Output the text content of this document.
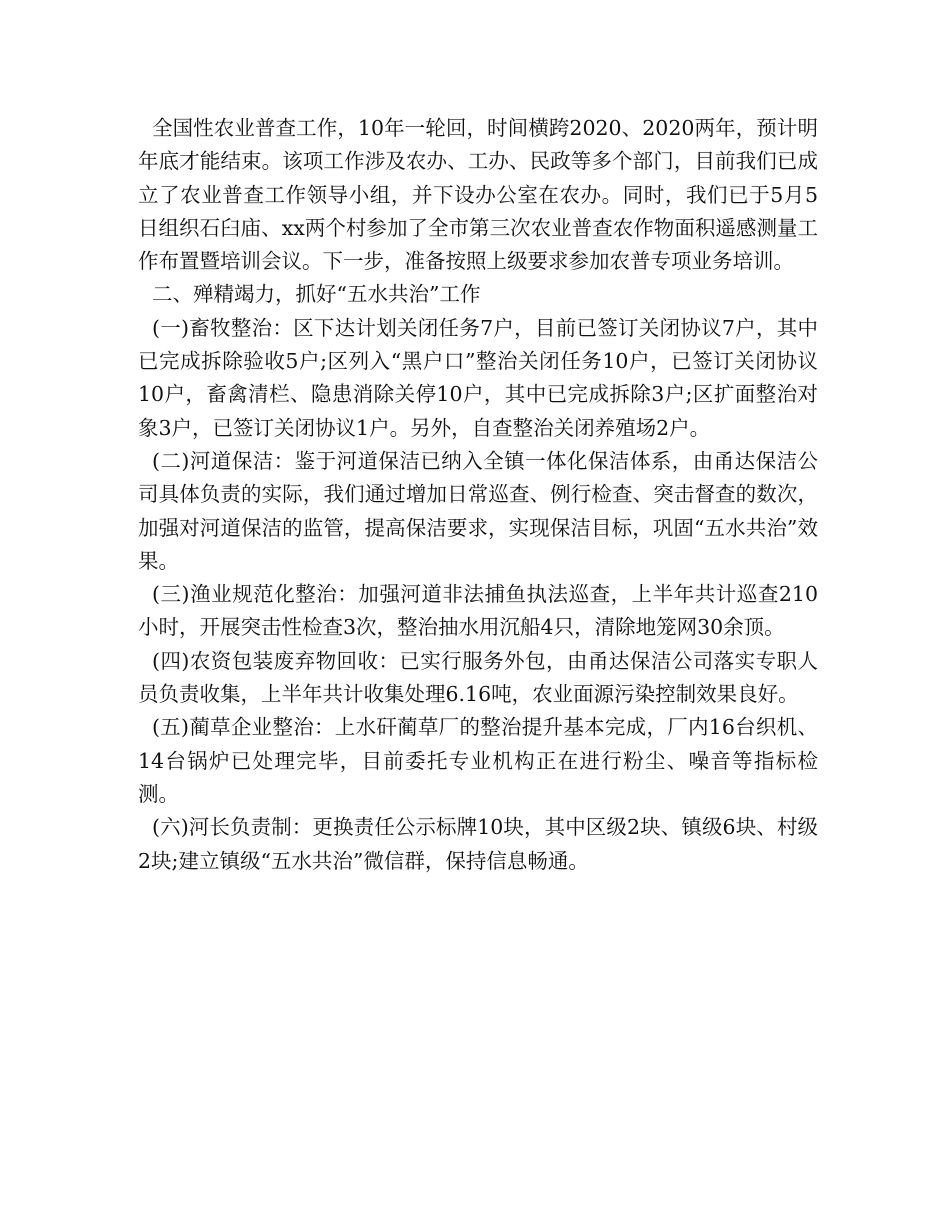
全国性农业普查工作，10年一轮回，时间横跨2020、2020两年，预计明年底才能结束。该项工作涉及农办、工办、民政等多个部门，目前我们已成立了农业普查工作领导小组，并下设办公室在农办。同时，我们已于5月5日组织石臼庙、xx两个村参加了全市第三次农业普查农作物面积遥感测量工作布置暨培训会议。下一步，准备按照上级要求参加农普专项业务培训。

二、殚精竭力，抓好“五水共治”工作

(一)畜牧整治：区下达计划关闭任务7户，目前已签订关闭协议7户，其中已完成拆除验收5户;区列入“黑户口”整治关闭任务10户，已签订关闭协议10户，畜禽清栏、隐患消除关停10户，其中已完成拆除3户;区扩面整治对象3户，已签订关闭协议1户。另外，自查整治关闭养殖场2户。

(二)河道保洁：鉴于河道保洁已纳入全镇一体化保洁体系，由甬达保洁公司具体负责的实际，我们通过增加日常巡查、例行检查、突击督查的数次，加强对河道保洁的监管，提高保洁要求，实现保洁目标，巩固“五水共治”效果。

(三)渔业规范化整治：加强河道非法捕鱼执法巡查，上半年共计巡查210小时，开展突击性检查3次，整治抽水用沉船4只，清除地笼网30余顶。

(四)农资包装废弃物回收：已实行服务外包，由甬达保洁公司落实专职人员负责收集，上半年共计收集处理6.16吨，农业面源污染控制效果良好。

(五)蔺草企业整治：上水矸蔺草厂的整治提升基本完成，厂内16台织机、14台锅炉已处理完毕，目前委托专业机构正在进行粉尘、噪音等指标检测。

(六)河长负责制：更换责任公示标牌10块，其中区级2块、镇级6块、村级2块;建立镇级“五水共治”微信群，保持信息畅通。
